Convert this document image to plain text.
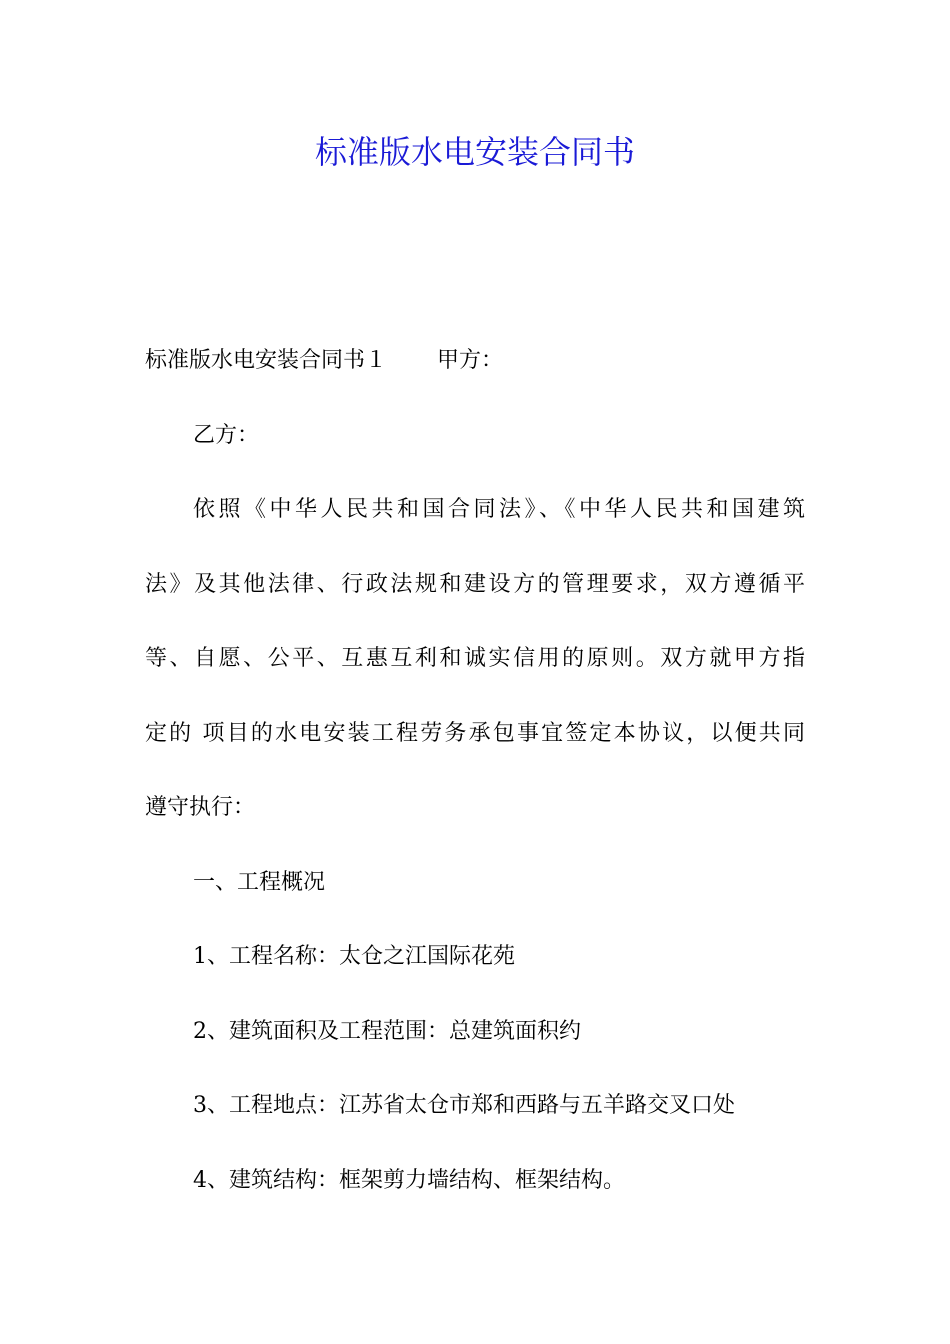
标准版水电安装合同书
标准版水电安装合同书１ 甲方：
乙方：
依照《中华人民共和国合同法》、《中华人民共和国建筑
法》及其他法律、行政法规和建设方的管理要求，双方遵循平
等、自愿、公平、互惠互利和诚实信用的原则。双方就甲方指
定的 项目的水电安装工程劳务承包事宜签定本协议，以便共同
遵守执行：
一、工程概况
1、工程名称：太仓之江国际花苑
2、建筑面积及工程范围：总建筑面积约
3、工程地点：江苏省太仓市郑和西路与五羊路交叉口处
4、建筑结构：框架剪力墙结构、框架结构。
